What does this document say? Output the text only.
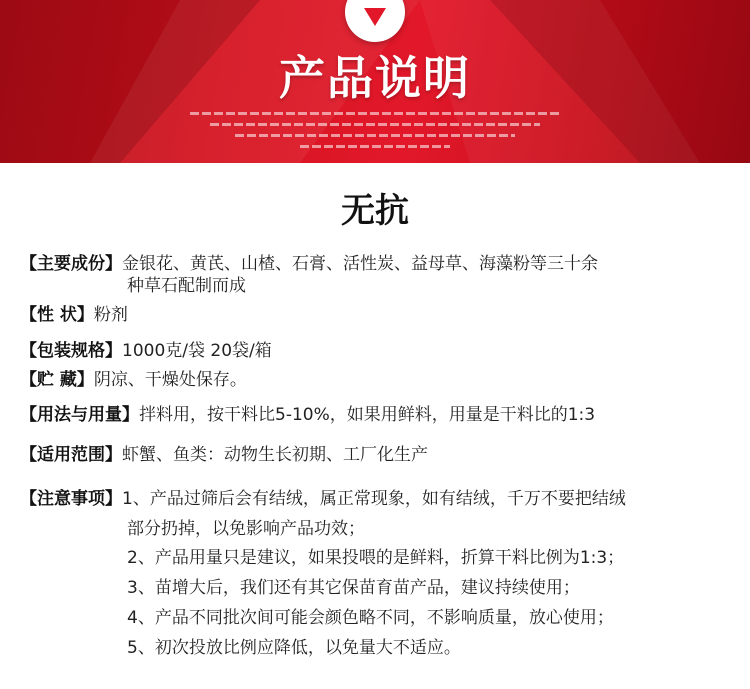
产品说明
无抗
【主要成份】金银花、黄芪、山楂、石膏、活性炭、益母草、海藻粉等三十余
种草石配制而成
【性 状】粉剂
【包装规格】1000克/袋 20袋/箱
【贮 藏】阴凉、干燥处保存。
【用法与用量】拌料用，按干料比5-10%，如果用鲜料，用量是干料比的1:3
【适用范围】虾蟹、鱼类：动物生长初期、工厂化生产
【注意事项】1、产品过筛后会有结绒，属正常现象，如有结绒，千万不要把结绒
部分扔掉，以免影响产品功效；
2、产品用量只是建议，如果投喂的是鲜料，折算干料比例为1:3；
3、苗增大后，我们还有其它保苗育苗产品，建议持续使用；
4、产品不同批次间可能会颜色略不同，不影响质量，放心使用；
5、初次投放比例应降低，以免量大不适应。
